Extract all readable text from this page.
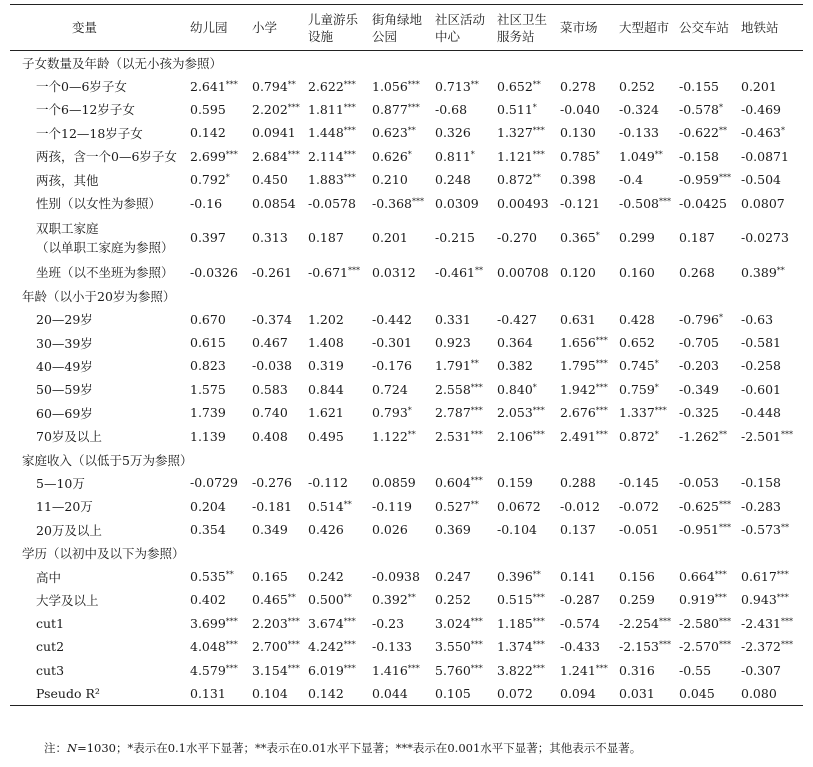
变量	幼儿园	小学	儿童游乐设施	街角绿地公园	社区活动中心	社区卫生服务站	菜市场	大型超市	公交车站	地铁站
子女数量及年龄（以无小孩为参照）										
一个0—6岁子女	2.641***	0.794**	2.622***	1.056***	0.713**	0.652**	0.278	0.252	-0.155	0.201
一个6—12岁子女	0.595	2.202***	1.811***	0.877***	-0.68	0.511*	-0.040	-0.324	-0.578*	-0.469
一个12—18岁子女	0.142	0.0941	1.448***	0.623**	0.326	1.327***	0.130	-0.133	-0.622**	-0.463*
两孩，含一个0—6岁子女	2.699***	2.684***	2.114***	0.626*	0.811*	1.121***	0.785*	1.049**	-0.158	-0.0871
两孩，其他	0.792*	0.450	1.883***	0.210	0.248	0.872**	0.398	-0.4	-0.959***	-0.504
性别（以女性为参照）	-0.16	0.0854	-0.0578	-0.368***	0.0309	0.00493	-0.121	-0.508***	-0.0425	0.0807

双职工家庭
（以单职工家庭为参照）	0.397	0.313	0.187	0.201	-0.215	-0.270	0.365*	0.299	0.187	-0.0273
坐班（以不坐班为参照）	-0.0326	-0.261	-0.671***	0.0312	-0.461**	0.00708	0.120	0.160	0.268	0.389**
年龄（以小于20岁为参照）										
20—29岁	0.670	-0.374	1.202	-0.442	0.331	-0.427	0.631	0.428	-0.796*	-0.63
30—39岁	0.615	0.467	1.408	-0.301	0.923	0.364	1.656***	0.652	-0.705	-0.581
40—49岁	0.823	-0.038	0.319	-0.176	1.791**	0.382	1.795***	0.745*	-0.203	-0.258
50—59岁	1.575	0.583	0.844	0.724	2.558***	0.840*	1.942***	0.759*	-0.349	-0.601
60—69岁	1.739	0.740	1.621	0.793*	2.787***	2.053***	2.676***	1.337***	-0.325	-0.448
70岁及以上	1.139	0.408	0.495	1.122**	2.531***	2.106***	2.491***	0.872*	-1.262**	-2.501***
家庭收入（以低于5万为参照）										
5—10万	-0.0729	-0.276	-0.112	0.0859	0.604***	0.159	0.288	-0.145	-0.053	-0.158
11—20万	0.204	-0.181	0.514**	-0.119	0.527**	0.0672	-0.012	-0.072	-0.625***	-0.283
20万及以上	0.354	0.349	0.426	0.026	0.369	-0.104	0.137	-0.051	-0.951***	-0.573**
学历（以初中及以下为参照）										
高中	0.535**	0.165	0.242	-0.0938	0.247	0.396**	0.141	0.156	0.664***	0.617***
大学及以上	0.402	0.465**	0.500**	0.392**	0.252	0.515***	-0.287	0.259	0.919***	0.943***
cut1	3.699***	2.203***	3.674***	-0.23	3.024***	1.185***	-0.574	-2.254***	-2.580***	-2.431***
cut2	4.048***	2.700***	4.242***	-0.133	3.550***	1.374***	-0.433	-2.153***	-2.570***	-2.372***
cut3	4.579***	3.154***	6.019***	1.416***	5.760***	3.822***	1.241***	0.316	-0.55	-0.307
Pseudo R²	0.131	0.104	0.142	0.044	0.105	0.072	0.094	0.031	0.045	0.080
注：N=1030；*表示在0.1水平下显著；**表示在0.01水平下显著；***表示在0.001水平下显著；其他表示不显著。
